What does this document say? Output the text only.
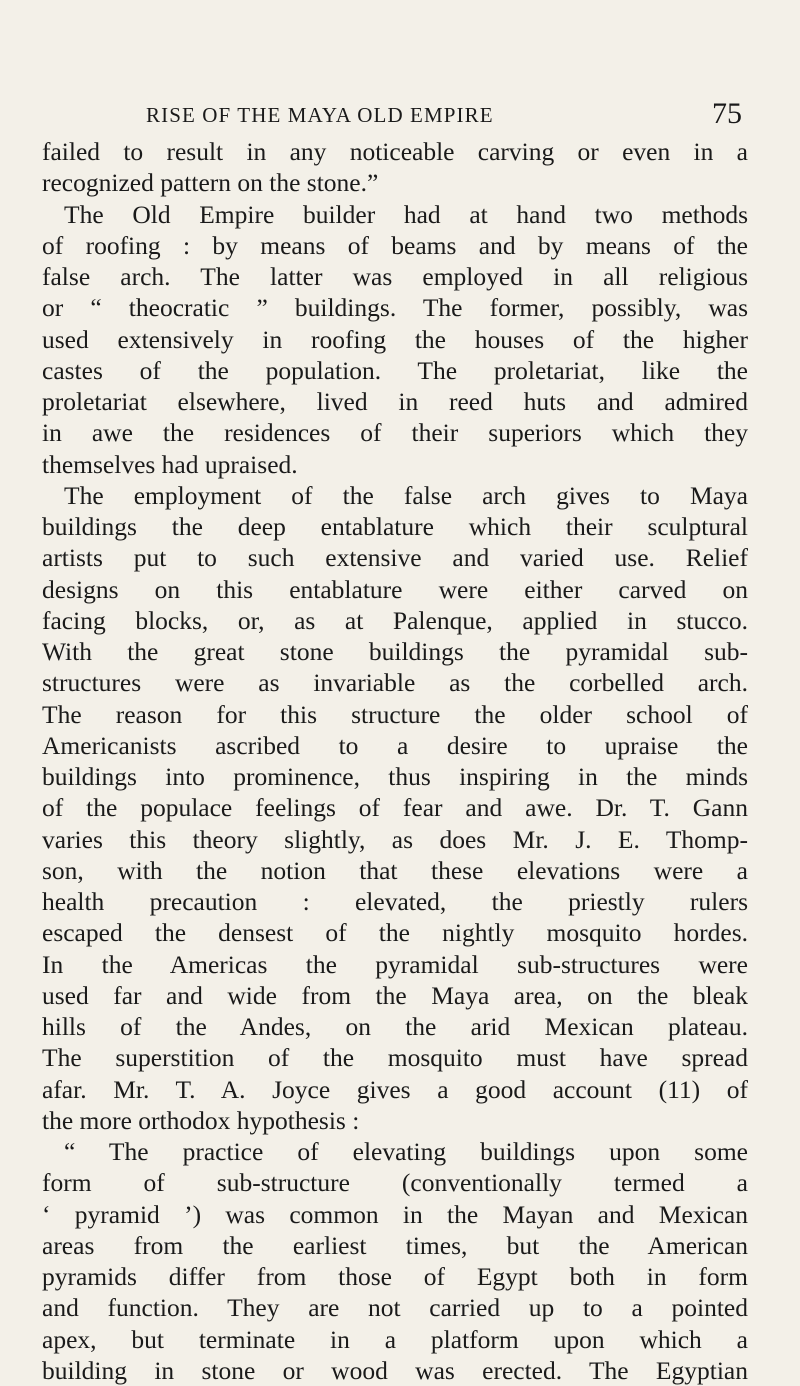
RISE OF THE MAYA OLD EMPIRE	75
failed to result in any noticeable carving or even in a
recognized pattern on the stone.”
The Old Empire builder had at hand two methods
of roofing : by means of beams and by means of the
false arch. The latter was employed in all religious
or “ theocratic ” buildings. The former, possibly, was
used extensively in roofing the houses of the higher
castes of the population. The proletariat, like the
proletariat elsewhere, lived in reed huts and admired
in awe the residences of their superiors which they
themselves had upraised.
The employment of the false arch gives to Maya
buildings the deep entablature which their sculptural
artists put to such extensive and varied use. Relief
designs on this entablature were either carved on
facing blocks, or, as at Palenque, applied in stucco.
With the great stone buildings the pyramidal sub-
structures were as invariable as the corbelled arch.
The reason for this structure the older school of
Americanists ascribed to a desire to upraise the
buildings into prominence, thus inspiring in the minds
of the populace feelings of fear and awe. Dr. T. Gann
varies this theory slightly, as does Mr. J. E. Thomp-
son, with the notion that these elevations were a
health precaution : elevated, the priestly rulers
escaped the densest of the nightly mosquito hordes.
In the Americas the pyramidal sub-structures were
used far and wide from the Maya area, on the bleak
hills of the Andes, on the arid Mexican plateau.
The superstition of the mosquito must have spread
afar. Mr. T. A. Joyce gives a good account (11) of
the more orthodox hypothesis :
“ The practice of elevating buildings upon some
form of sub-structure (conventionally termed a
‘ pyramid ’) was common in the Mayan and Mexican
areas from the earliest times, but the American
pyramids differ from those of Egypt both in form
and function. They are not carried up to a pointed
apex, but terminate in a platform upon which a
building in stone or wood was erected. The Egyptian
